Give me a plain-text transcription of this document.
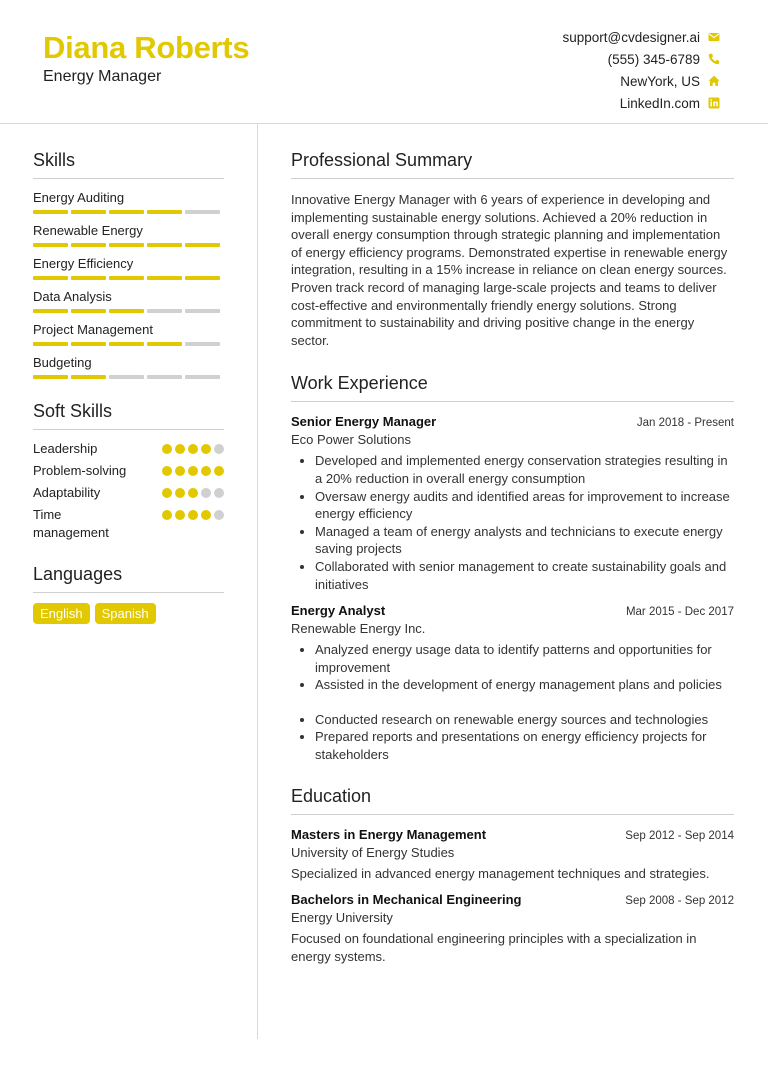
Diana Roberts
Energy Manager
support@cvdesigner.ai
(555) 345-6789
NewYork, US
LinkedIn.com
Skills
Energy Auditing
Renewable Energy
Energy Efficiency
Data Analysis
Project Management
Budgeting
Soft Skills
Leadership
Problem-solving
Adaptability
Time management
Languages
English	Spanish
Professional Summary
Innovative Energy Manager with 6 years of experience in developing and implementing sustainable energy solutions. Achieved a 20% reduction in overall energy consumption through strategic planning and implementation of energy efficiency programs. Demonstrated expertise in renewable energy integration, resulting in a 15% increase in reliance on clean energy sources. Proven track record of managing large-scale projects and teams to deliver cost-effective and environmentally friendly energy solutions. Strong commitment to sustainability and driving positive change in the energy sector.
Work Experience
Senior Energy Manager	Jan 2018 - Present
Eco Power Solutions
• Developed and implemented energy conservation strategies resulting in a 20% reduction in overall energy consumption
• Oversaw energy audits and identified areas for improvement to increase energy efficiency
• Managed a team of energy analysts and technicians to execute energy saving projects
• Collaborated with senior management to create sustainability goals and initiatives
Energy Analyst	Mar 2015 - Dec 2017
Renewable Energy Inc.
• Analyzed energy usage data to identify patterns and opportunities for improvement
• Assisted in the development of energy management plans and policies
• Conducted research on renewable energy sources and technologies
• Prepared reports and presentations on energy efficiency projects for stakeholders
Education
Masters in Energy Management	Sep 2012 - Sep 2014
University of Energy Studies
Specialized in advanced energy management techniques and strategies.
Bachelors in Mechanical Engineering	Sep 2008 - Sep 2012
Energy University
Focused on foundational engineering principles with a specialization in energy systems.
